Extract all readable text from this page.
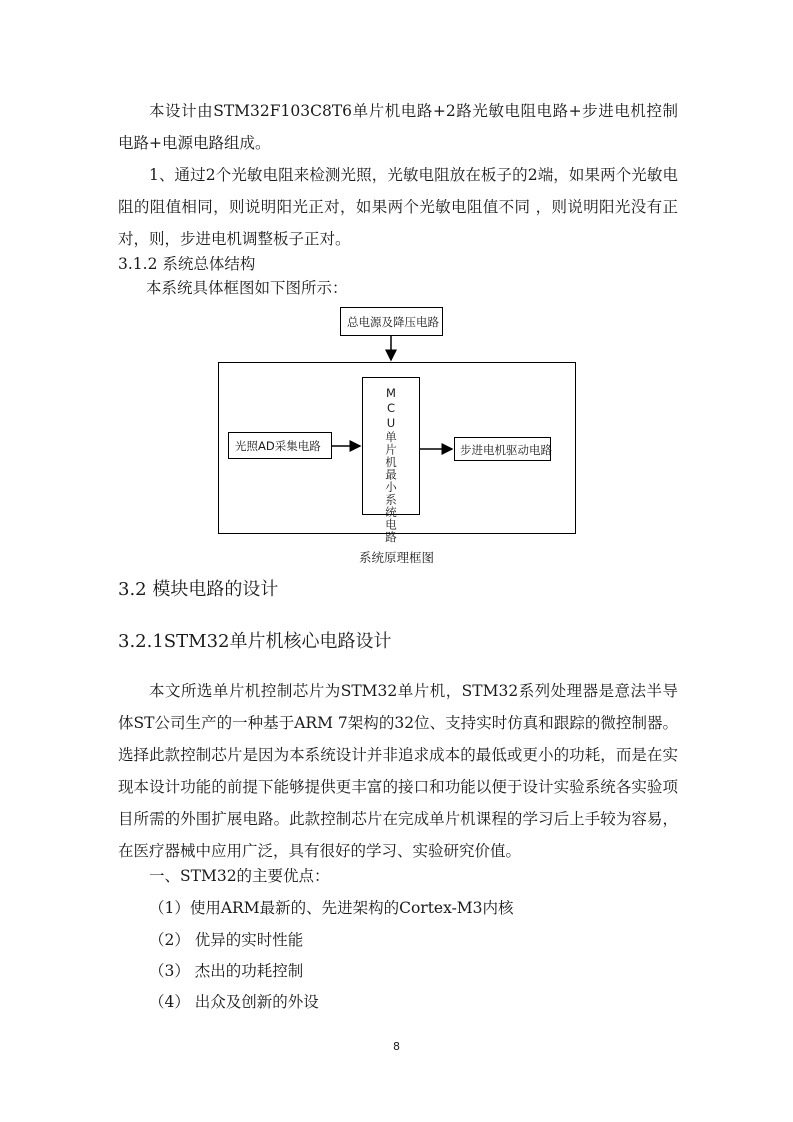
本设计由STM32F103C8T6单片机电路+2路光敏电阻电路+步进电机控制电路+电源电路组成。

1、通过2个光敏电阻来检测光照，光敏电阻放在板子的2端，如果两个光敏电阻的阻值相同，则说明阳光正对，如果两个光敏电阻值不同 ，则说明阳光没有正对，则，步进电机调整板子正对。

3.1.2 系统总体结构

本系统具体框图如下图所示：

总电源及降压电路
MCU单片机最小系统电路
光照AD采集电路	步进电机驱动电路
系统原理框图

3.2 模块电路的设计

3.2.1STM32单片机核心电路设计

本文所选单片机控制芯片为STM32单片机，STM32系列处理器是意法半导体ST公司生产的一种基于ARM 7架构的32位、支持实时仿真和跟踪的微控制器。选择此款控制芯片是因为本系统设计并非追求成本的最低或更小的功耗，而是在实现本设计功能的前提下能够提供更丰富的接口和功能以便于设计实验系统各实验项目所需的外围扩展电路。此款控制芯片在完成单片机课程的学习后上手较为容易，在医疗器械中应用广泛，具有很好的学习、实验研究价值。

一、STM32的主要优点：

（1）使用ARM最新的、先进架构的Cortex-M3内核

（2） 优异的实时性能

（3） 杰出的功耗控制

（4） 出众及创新的外设

8
